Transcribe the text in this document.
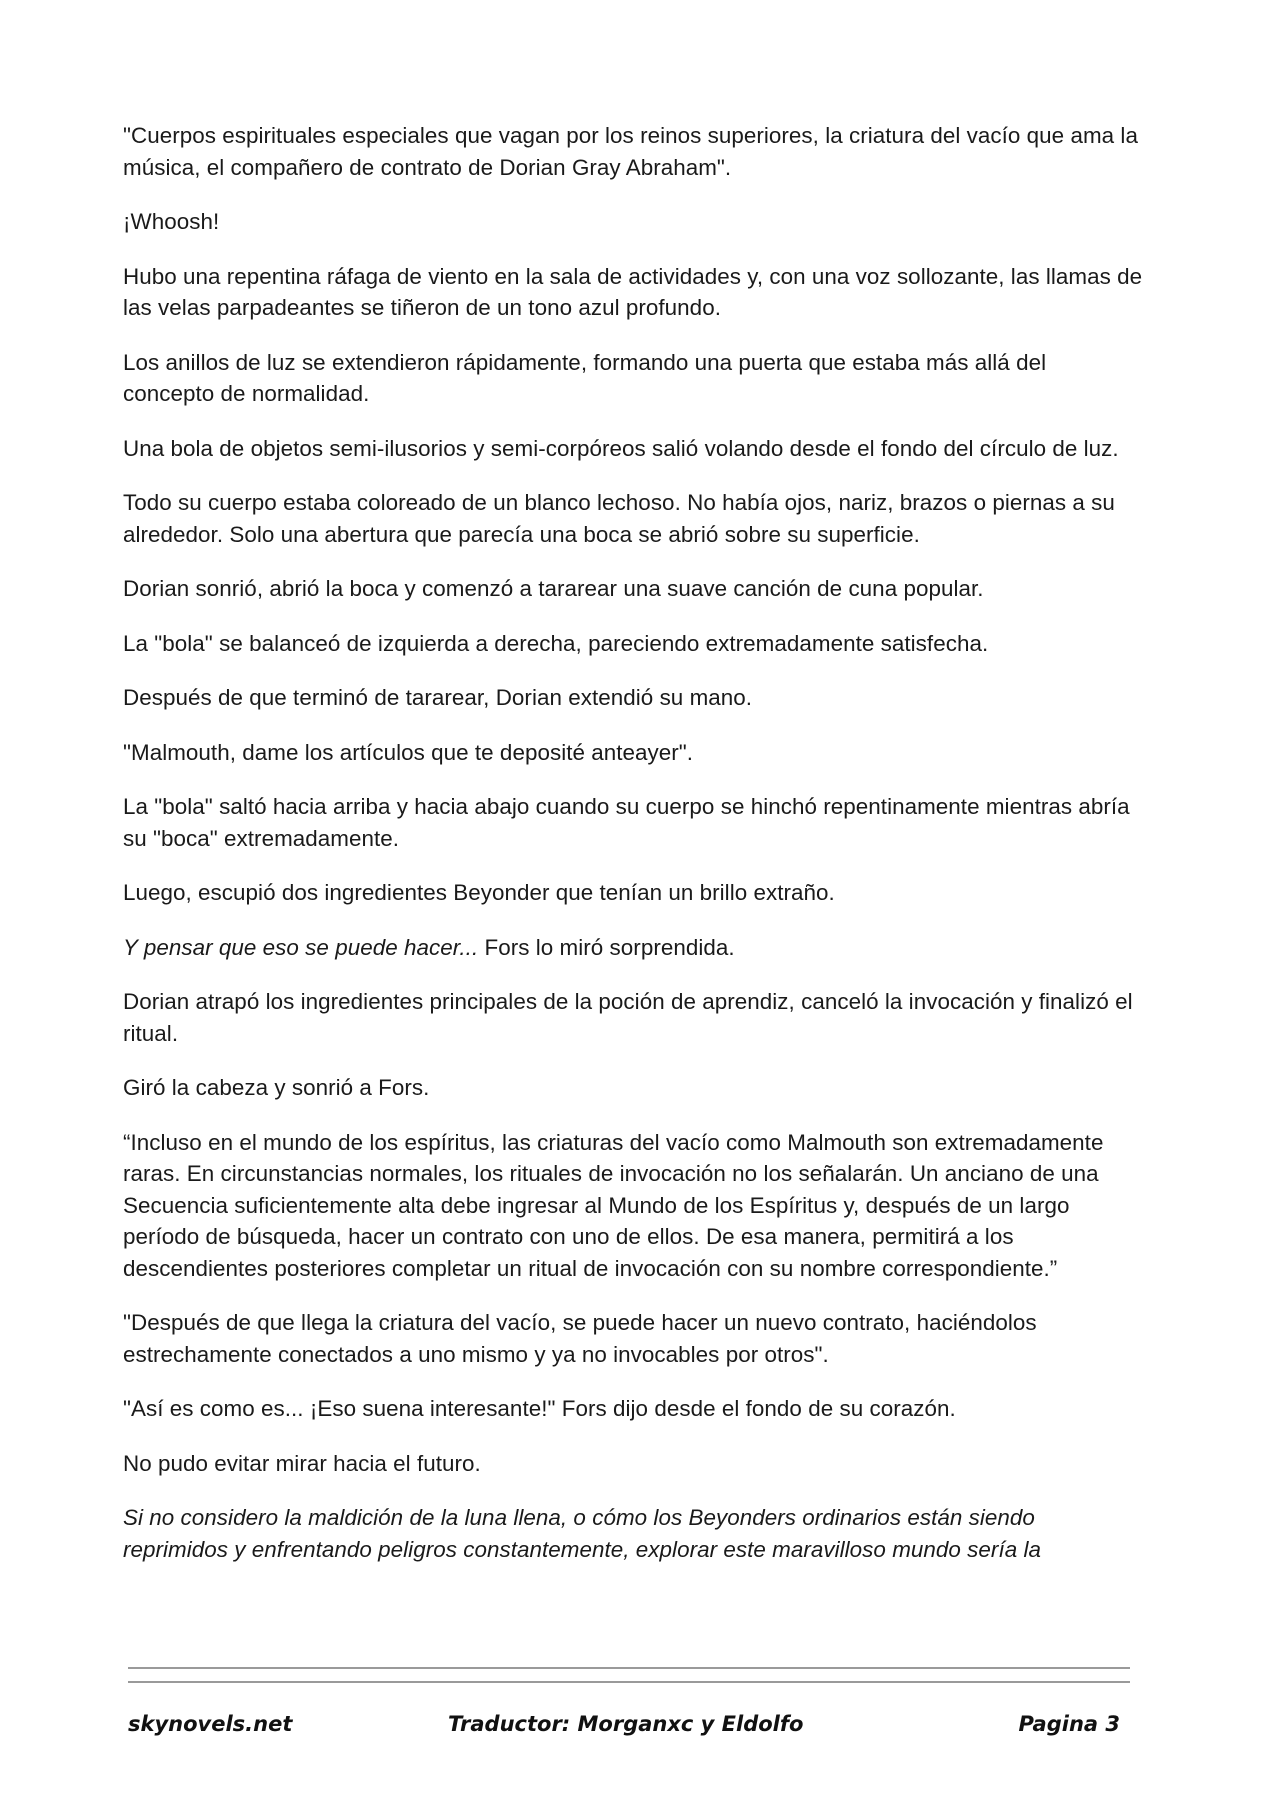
"Cuerpos espirituales especiales que vagan por los reinos superiores, la criatura del vacío que ama la música, el compañero de contrato de Dorian Gray Abraham".

¡Whoosh!

Hubo una repentina ráfaga de viento en la sala de actividades y, con una voz sollozante, las llamas de las velas parpadeantes se tiñeron de un tono azul profundo.

Los anillos de luz se extendieron rápidamente, formando una puerta que estaba más allá del concepto de normalidad.

Una bola de objetos semi-ilusorios y semi-corpóreos salió volando desde el fondo del círculo de luz.

Todo su cuerpo estaba coloreado de un blanco lechoso. No había ojos, nariz, brazos o piernas a su alrededor. Solo una abertura que parecía una boca se abrió sobre su superficie.

Dorian sonrió, abrió la boca y comenzó a tararear una suave canción de cuna popular.

La "bola" se balanceó de izquierda a derecha, pareciendo extremadamente satisfecha.

Después de que terminó de tararear, Dorian extendió su mano.

"Malmouth, dame los artículos que te deposité anteayer".

La "bola" saltó hacia arriba y hacia abajo cuando su cuerpo se hinchó repentinamente mientras abría su "boca" extremadamente.

Luego, escupió dos ingredientes Beyonder que tenían un brillo extraño.

Y pensar que eso se puede hacer... Fors lo miró sorprendida.

Dorian atrapó los ingredientes principales de la poción de aprendiz, canceló la invocación y finalizó el ritual.

Giró la cabeza y sonrió a Fors.

“Incluso en el mundo de los espíritus, las criaturas del vacío como Malmouth son extremadamente raras. En circunstancias normales, los rituales de invocación no los señalarán. Un anciano de una Secuencia suficientemente alta debe ingresar al Mundo de los Espíritus y, después de un largo período de búsqueda, hacer un contrato con uno de ellos. De esa manera, permitirá a los descendientes posteriores completar un ritual de invocación con su nombre correspondiente.”

"Después de que llega la criatura del vacío, se puede hacer un nuevo contrato, haciéndolos estrechamente conectados a uno mismo y ya no invocables por otros".

"Así es como es... ¡Eso suena interesante!" Fors dijo desde el fondo de su corazón.

No pudo evitar mirar hacia el futuro.

Si no considero la maldición de la luna llena, o cómo los Beyonders ordinarios están siendo reprimidos y enfrentando peligros constantemente, explorar este maravilloso mundo sería la

skynovels.net	Traductor: Morganxc y Eldolfo	Pagina 3
